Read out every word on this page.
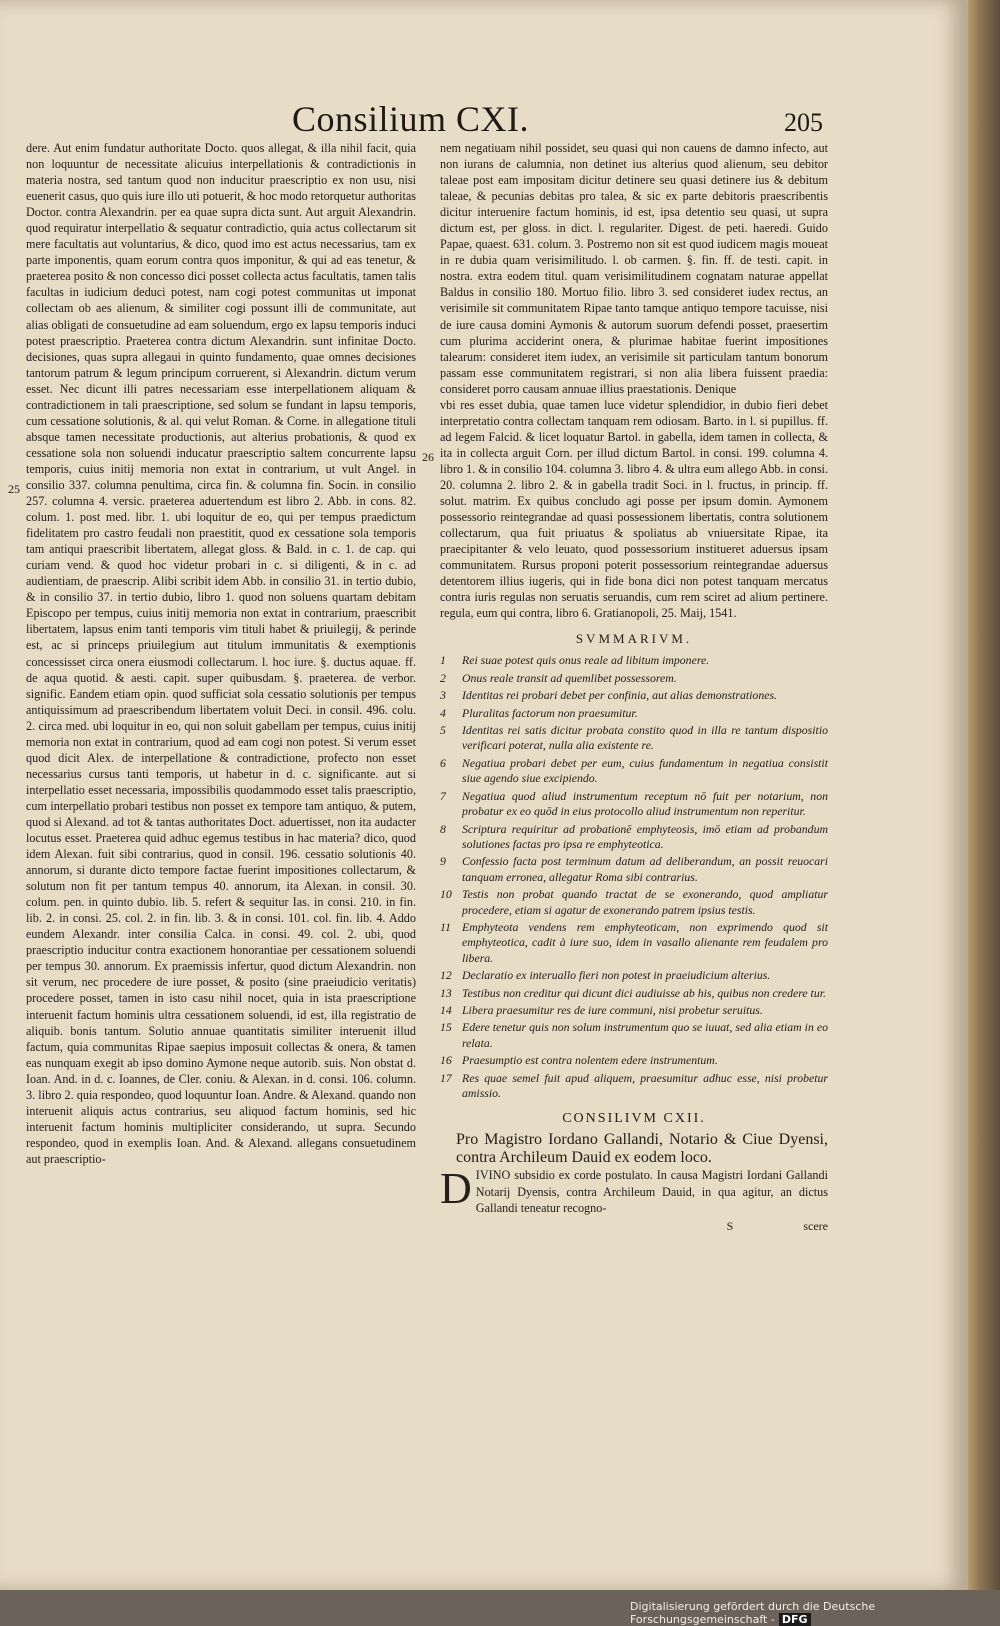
Consilium CXI.	205

dere. Aut enim fundatur authoritate Docto. quos allegat, & illa nihil facit, quia non loquuntur de necessitate alicuius interpellationis & contradictionis in materia nostra, sed tantum quod non inducitur praescriptio ex non usu, nisi euenerit casus, quo quis iure illo uti potuerit, & hoc modo retorquetur authoritas Doctor. contra Alexandrin. per ea quae supra dicta sunt. Aut arguit Alexandrin. quod requiratur interpellatio & sequatur contradictio, quia actus collectarum sit mere facultatis aut voluntarius, & dico, quod imo est actus necessarius, tam ex parte imponentis, quam eorum contra quos imponitur, & qui ad eas tenetur, & praeterea posito & non concesso dici posset collecta actus facultatis, tamen talis facultas in iudicium deduci potest, nam cogi potest communitas ut imponat collectam ob aes alienum, & similiter cogi possunt illi de communitate, aut alias obligati de consuetudine ad eam soluendum, ergo ex lapsu temporis induci potest praescriptio. Praeterea contra dictum Alexandrin. sunt infinitae Docto. decisiones, quas supra allegaui in quinto fundamento, quae omnes decisiones tantorum patrum & legum principum corruerent, si Alexandrin. dictum verum esset. Nec dicunt illi patres necessariam esse interpellationem aliquam & contradictionem in tali praescriptione, sed solum se fundant in lapsu temporis, cum cessatione solutionis, & al. qui velut Roman. & Corne. in allegatione tituli absque tamen necessitate productionis, aut alterius probationis, & quod ex cessatione sola non soluendi inducatur praescriptio saltem concurrente lapsu temporis, cuius initij memoria non extat in contrarium, ut vult Angel. in consilio 337. columna penultima, circa fin. & columna fin. Socin. in consilio 257. columna 4. versic. praeterea aduertendum est libro 2. Abb. in cons. 82. colum. 1. post med. libr. 1. ubi loquitur de eo, qui per tempus praedictum fidelitatem pro castro feudali non praestitit, quod ex cessatione sola temporis tam antiqui praescribit libertatem, allegat gloss. & Bald. in c. 1. de cap. qui curiam vend. & quod hoc videtur probari in c. si diligenti, & in c. ad audientiam, de praescrip. Alibi scribit idem Abb. in consilio 31. in tertio dubio, & in consilio 37. in tertio dubio, libro 1. quod non soluens quartam debitam Episcopo per tempus, cuius initij memoria non extat in contrarium, praescribit libertatem, lapsus enim tanti temporis vim tituli habet & priuilegij, & perinde est, ac si princeps priuilegium aut titulum immunitatis & exemptionis concessisset circa onera eiusmodi collectarum. l. hoc iure. §. ductus aquae. ff. de aqua quotid. & aesti. capit. super quibusdam. §. praeterea. de verbor. signific. Eandem etiam opin. quod sufficiat sola cessatio solutionis per tempus antiquissimum ad praescribendum libertatem voluit Deci. in consil. 496. colu. 2. circa med. ubi loquitur in eo, qui non soluit gabellam per tempus, cuius initij memoria non extat in contrarium, quod ad eam cogi non potest. Si verum esset quod dicit Alex. de interpellatione & contradictione, profecto non esset necessarius cursus tanti temporis, ut habetur in d. c. significante. aut si interpellatio esset necessaria, impossibilis quodammodo esset talis praescriptio, cum interpellatio probari testibus non posset ex tempore tam antiquo, & putem, quod si Alexand. ad tot & tantas authoritates Doct. aduertisset, non ita audacter locutus esset. Praeterea quid adhuc egemus testibus in hac materia? dico, quod idem Alexan. fuit sibi contrarius, quod in consil. 196. cessatio solutionis 40. annorum, si durante dicto tempore factae fuerint impositiones collectarum, & solutum non fit per tantum tempus 40. annorum, ita Alexan. in consil. 30. colum. pen. in quinto dubio. lib. 5. refert & sequitur Ias. in consi. 210. in fin. lib. 2. in consi. 25. col. 2. in fin. lib. 3. & in consi. 101. col. fin. lib. 4. Addo eundem Alexandr. inter consilia Calca. in consi. 49. col. 2. ubi, quod praescriptio inducitur contra exactionem honorantiae per cessationem soluendi per tempus 30. annorum. Ex praemissis infertur, quod dictum Alexandrin. non sit verum, nec procedere de iure posset, & posito (sine praeiudicio veritatis) procedere posset, tamen in isto casu nihil nocet, quia in ista praescriptione interuenit factum hominis ultra cessationem soluendi, id est, illa registratio de aliquib. bonis tantum. Solutio annuae quantitatis similiter interuenit illud factum, quia communitas Ripae saepius imposuit collectas & onera, & tamen eas nunquam exegit ab ipso domino Aymone neque autorib. suis. Non obstat d. Ioan. And. in d. c. Ioannes, de Cler. coniu. & Alexan. in d. consi. 106. column. 3. libro 2. quia respondeo, quod loquuntur Ioan. Andre. & Alexand. quando non interuenit aliquis actus contrarius, seu aliquod factum hominis, sed hic interuenit factum hominis multipliciter considerando, ut supra. Secundo respondeo, quod in exemplis Ioan. And. & Alexand. allegans consuetudinem aut praescriptio-

25
26

nem negatiuam nihil possidet, seu quasi qui non cauens de damno infecto, aut non iurans de calumnia, non detinet ius alterius quod alienum, seu debitor taleae post eam impositam dicitur detinere seu quasi detinere ius & debitum taleae, & pecunias debitas pro talea, & sic ex parte debitoris praescribentis dicitur interuenire factum hominis, id est, ipsa detentio seu quasi, ut supra dictum est, per gloss. in dict. l. regulariter. Digest. de peti. haeredi. Guido Papae, quaest. 631. colum. 3. Postremo non sit est quod iudicem magis moueat in re dubia quam verisimilitudo. l. ob carmen. §. fin. ff. de testi. capit. in nostra. extra eodem titul. quam verisimilitudinem cognatam naturae appellat Baldus in consilio 180. Mortuo filio. libro 3. sed consideret iudex rectus, an verisimile sit communitatem Ripae tanto tamque antiquo tempore tacuisse, nisi de iure causa domini Aymonis & autorum suorum defendi posset, praesertim cum plurima acciderint onera, & plurimae habitae fuerint impositiones talearum: consideret item iudex, an verisimile sit particulam tantum bonorum passam esse communitatem registrari, si non alia libera fuissent praedia: consideret porro causam annuae illius praestationis. Denique

vbi res esset dubia, quae tamen luce videtur splendidior, in dubio fieri debet interpretatio contra collectam tanquam rem odiosam. Barto. in l. si pupillus. ff. ad legem Falcid. & licet loquatur Bartol. in gabella, idem tamen in collecta, & ita in collecta arguit Corn. per illud dictum Bartol. in consi. 199. columna 4. libro 1. & in consilio 104. columna 3. libro 4. & ultra eum allego Abb. in consi. 20. columna 2. libro 2. & in gabella tradit Soci. in l. fructus, in princip. ff. solut. matrim. Ex quibus concludo agi posse per ipsum domin. Aymonem possessorio reintegrandae ad quasi possessionem libertatis, contra solutionem collectarum, qua fuit priuatus & spoliatus ab vniuersitate Ripae, ita praecipitanter & velo leuato, quod possessorium institueret aduersus ipsam communitatem. Rursus proponi poterit possessorium reintegrandae aduersus detentorem illius iugeris, qui in fide bona dici non potest tanquam mercatus contra iuris regulas non seruatis seruandis, cum rem sciret ad alium pertinere. regula, eum qui contra, libro 6. Gratianopoli, 25. Maij, 1541.

SVMMARIVM.
1	Rei suae potest quis onus reale ad libitum imponere.
2	Onus reale transit ad quemlibet possessorem.
3	Identitas rei probari debet per confinia, aut alias demonstrationes.
4	Pluralitas factorum non praesumitur.
5	Identitas rei satis dicitur probata constito quod in illa re tantum dispositio verificari poterat, nulla alia existente re.
6	Negatiua probari debet per eum, cuius fundamentum in negatiua consistit siue agendo siue excipiendo.
7	Negatiua quod aliud instrumentum receptum nō fuit per notarium, non probatur ex eo quōd in eius protocollo aliud instrumentum non reperitur.
8	Scriptura requiritur ad probationē emphyteosis, imō etiam ad probandum solutiones factas pro ipsa re emphyteotica.
9	Confessio facta post terminum datum ad deliberandum, an possit reuocari tanquam erronea, allegatur Roma sibi contrarius.
10 Testis non probat quando tractat de se exonerando, quod ampliatur procedere, etiam si agatur de exonerando patrem ipsius testis.
11 Emphyteota vendens rem emphyteoticam, non exprimendo quod sit emphyteotica, cadit à iure suo, idem in vasallo alienante rem feudalem pro libera.
12 Declaratio ex interuallo fieri non potest in praeiudicium alterius.
13 Testibus non creditur qui dicunt dici audiuisse ab his, quibus non credere tur.
14 Libera praesumitur res de iure communi, nisi probetur seruitus.
15 Edere tenetur quis non solum instrumentum quo se iuuat, sed alia etiam in eo relata.
16 Praesumptio est contra nolentem edere instrumentum.
17 Res quae semel fuit apud aliquem, praesumitur adhuc esse, nisi probetur amissio.
CONSILIVM CXII.

Pro Magistro Iordano Gallandi, Notario & Ciue Dyensi, contra Archileum Dauid ex eodem loco.

DIVINO subsidio ex corde postulato. In causa Magistri Iordani Gallandi Notarij Dyensis, contra Archileum Dauid, in qua agitur, an dictus Gallandi teneatur recogno-

S	scere
Digitalisierung gefördert durch die Deutsche Forschungsgemeinschaft - DFG
